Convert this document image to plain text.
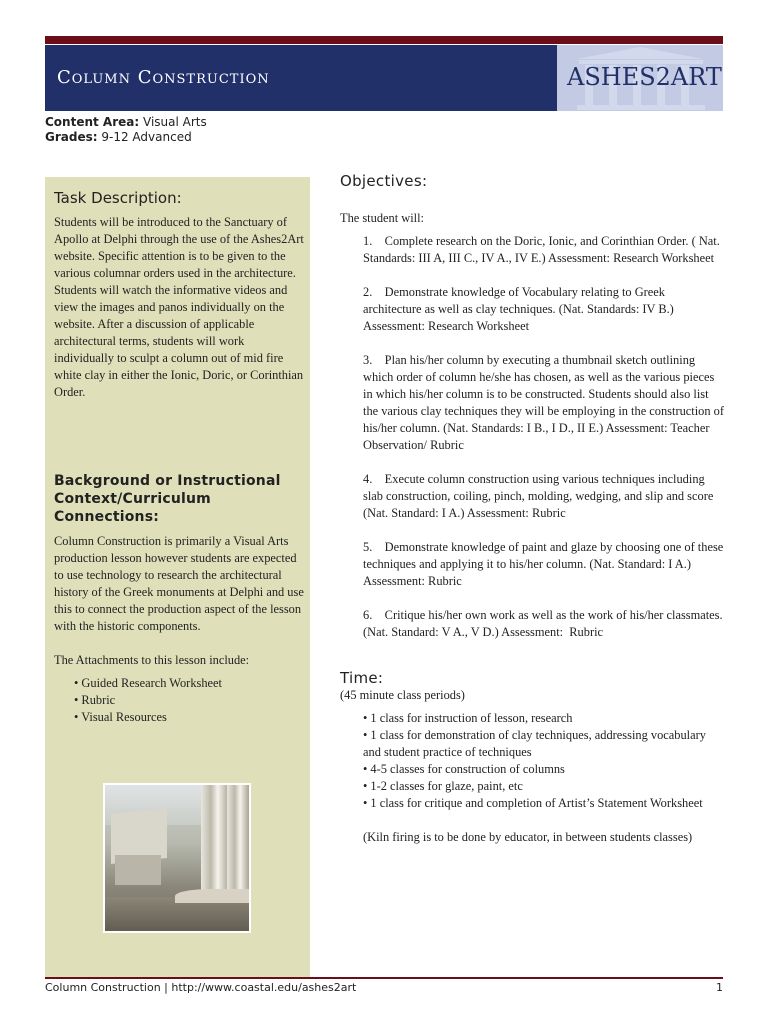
Column Construction	ASHES2ART
Content Area: Visual Arts
Grades: 9-12 Advanced
Task Description:

Students will be introduced to the Sanctuary of Apollo at Delphi through the use of the Ashes2Art website. Specific attention is to be given to the various columnar orders used in the architecture. Students will watch the informative videos and view the images and panos individually on the website. After a discussion of applicable architectural terms, students will work individually to sculpt a column out of mid fire white clay in either the Ionic, Doric, or Corinthian Order.

Background or Instructional Context/Curriculum Connections:

Column Construction is primarily a Visual Arts production lesson however students are expected to use technology to research the architectural history of the Greek monuments at Delphi and use this to connect the production aspect of the lesson with the historic components.

The Attachments to this lesson include:

• Guided Research Worksheet
• Rubric
• Visual Resources
Objectives:
The student will:

1.    Complete research on the Doric, Ionic, and Corinthian Order. ( Nat. Standards: III A, III C., IV A., IV E.) Assessment: Research Worksheet

2.    Demonstrate knowledge of Vocabulary relating to Greek architecture as well as clay techniques. (Nat. Standards: IV B.) Assessment: Research Worksheet

3.    Plan his/her column by executing a thumbnail sketch outlining which order of column he/she has chosen, as well as the various pieces in which his/her column is to be constructed. Students should also list the various clay techniques they will be employing in the construction of his/her column. (Nat. Standards: I B., I D., II E.) Assessment: Teacher Observation/ Rubric

4.    Execute column construction using various techniques including slab construction, coiling, pinch, molding, wedging, and slip and score (Nat. Standard: I A.) Assessment: Rubric

5.    Demonstrate knowledge of paint and glaze by choosing one of these techniques and applying it to his/her column. (Nat. Standard: I A.) Assessment: Rubric

6.    Critique his/her own work as well as the work of his/her classmates. (Nat. Standard: V A., V D.) Assessment:  Rubric

Time:
(45 minute class periods)
• 1 class for instruction of lesson, research
• 1 class for demonstration of clay techniques, addressing vocabulary and student practice of techniques
• 4-5 classes for construction of columns
• 1-2 classes for glaze, paint, etc
• 1 class for critique and completion of Artist’s Statement Worksheet
(Kiln firing is to be done by educator, in between students classes)
Column Construction | http://www.coastal.edu/ashes2art	1
